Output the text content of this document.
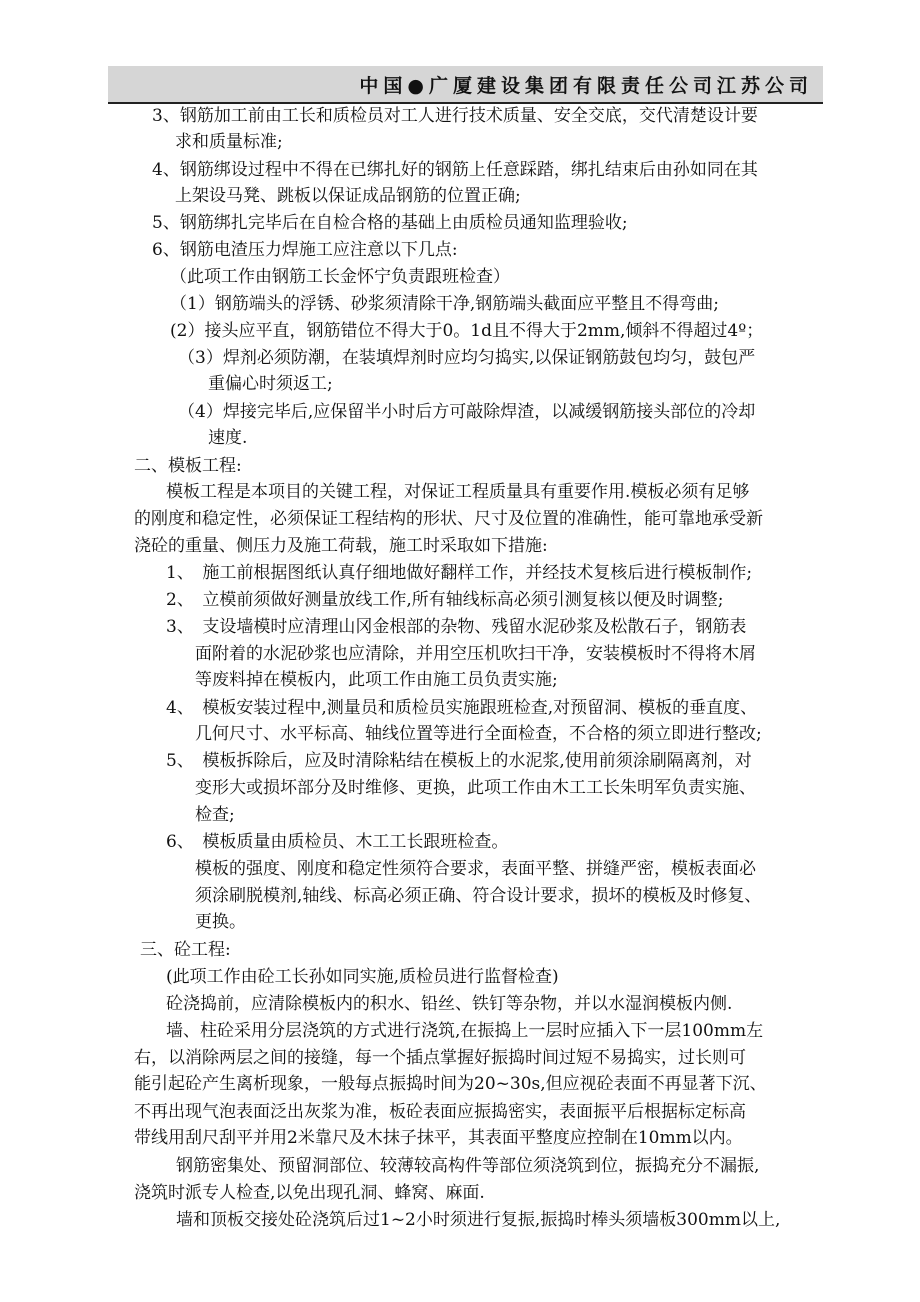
中国●广厦建设集团有限责任公司江苏公司
3、钢筋加工前由工长和质检员对工人进行技术质量、安全交底，交代清楚设计要
求和质量标准;
4、钢筋绑设过程中不得在已绑扎好的钢筋上任意踩踏，绑扎结束后由孙如同在其
上架设马凳、跳板以保证成品钢筋的位置正确;
5、钢筋绑扎完毕后在自检合格的基础上由质检员通知监理验收;
6、钢筋电渣压力焊施工应注意以下几点:
（此项工作由钢筋工长金怀宁负责跟班检查）
（1）钢筋端头的浮锈、砂浆须清除干净,钢筋端头截面应平整且不得弯曲;
(2）接头应平直，钢筋错位不得大于0。1d且不得大于2mm,倾斜不得超过4º；
（3）焊剂必须防潮，在装填焊剂时应均匀捣实,以保证钢筋鼓包均匀，鼓包严
重偏心时须返工;
（4）焊接完毕后,应保留半小时后方可敲除焊渣，以减缓钢筋接头部位的冷却
速度.
二、模板工程:
模板工程是本项目的关键工程，对保证工程质量具有重要作用.模板必须有足够
的刚度和稳定性，必须保证工程结构的形状、尺寸及位置的准确性，能可靠地承受新
浇砼的重量、侧压力及施工荷载，施工时采取如下措施:
1、　施工前根据图纸认真仔细地做好翻样工作，并经技术复核后进行模板制作;
2、　立模前须做好测量放线工作,所有轴线标高必须引测复核以便及时调整;
3、　支设墙模时应清理山冈金根部的杂物、残留水泥砂浆及松散石子，钢筋表
面附着的水泥砂浆也应清除，并用空压机吹扫干净，安装模板时不得将木屑
等废料掉在模板内，此项工作由施工员负责实施;
4、　模板安装过程中,测量员和质检员实施跟班检查,对预留洞、模板的垂直度、
几何尺寸、水平标高、轴线位置等进行全面检查，不合格的须立即进行整改;
5、　模板拆除后，应及时清除粘结在模板上的水泥浆,使用前须涂刷隔离剂，对
变形大或损坏部分及时维修、更换，此项工作由木工工长朱明军负责实施、
检查;
6、　模板质量由质检员、木工工长跟班检查。
模板的强度、刚度和稳定性须符合要求，表面平整、拼缝严密，模板表面必
须涂刷脱模剂,轴线、标高必须正确、符合设计要求，损坏的模板及时修复、
更换。
三、砼工程:
(此项工作由砼工长孙如同实施,质检员进行监督检查)
砼浇捣前，应清除模板内的积水、铅丝、铁钉等杂物，并以水湿润模板内侧.
墙、柱砼采用分层浇筑的方式进行浇筑,在振捣上一层时应插入下一层100mm左
右，以消除两层之间的接缝，每一个插点掌握好振捣时间过短不易捣实，过长则可
能引起砼产生离析现象，一般每点振捣时间为20~30s,但应视砼表面不再显著下沉、
不再出现气泡表面泛出灰浆为准，板砼表面应振捣密实，表面振平后根据标定标高
带线用刮尺刮平并用2米靠尺及木抹子抹平，其表面平整度应控制在10mm以内。
钢筋密集处、预留洞部位、较薄较高构件等部位须浇筑到位，振捣充分不漏振,
浇筑时派专人检查,以免出现孔洞、蜂窝、麻面.
墙和顶板交接处砼浇筑后过1~2小时须进行复振,振捣时棒头须墙板300mm以上,
